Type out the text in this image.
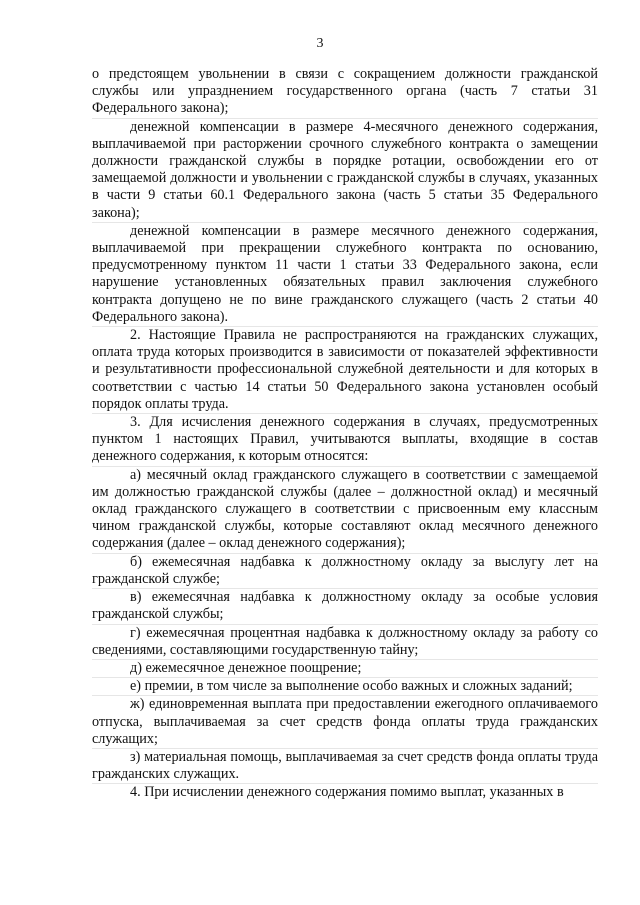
3

о предстоящем увольнении в связи с сокращением должности гражданской службы или упразднением государственного органа (часть 7 статьи 31 Федерального закона);

денежной компенсации в размере 4-месячного денежного содержания, выплачиваемой при расторжении срочного служебного контракта о замещении должности гражданской службы в порядке ротации, освобождении его от замещаемой должности и увольнении с гражданской службы в случаях, указанных в части 9 статьи 60.1 Федерального закона (часть 5 статьи 35 Федерального закона);

денежной компенсации в размере месячного денежного содержания, выплачиваемой при прекращении служебного контракта по основанию, предусмотренному пунктом 11 части 1 статьи 33 Федерального закона, если нарушение установленных обязательных правил заключения служебного контракта допущено не по вине гражданского служащего (часть 2 статьи 40 Федерального закона).

2. Настоящие Правила не распространяются на гражданских служащих, оплата труда которых производится в зависимости от показателей эффективности и результативности профессиональной служебной деятельности и для которых в соответствии с частью 14 статьи 50 Федерального закона установлен особый порядок оплаты труда.

3. Для исчисления денежного содержания в случаях, предусмотренных пунктом 1 настоящих Правил, учитываются выплаты, входящие в состав денежного содержания, к которым относятся:

а) месячный оклад гражданского служащего в соответствии с замещаемой им должностью гражданской службы (далее – должностной оклад) и месячный оклад гражданского служащего в соответствии с присвоенным ему классным чином гражданской службы, которые составляют оклад месячного денежного содержания (далее – оклад денежного содержания);

б) ежемесячная надбавка к должностному окладу за выслугу лет на гражданской службе;

в) ежемесячная надбавка к должностному окладу за особые условия гражданской службы;

г) ежемесячная процентная надбавка к должностному окладу за работу со сведениями, составляющими государственную тайну;

д) ежемесячное денежное поощрение;

е) премии, в том числе за выполнение особо важных и сложных заданий;

ж) единовременная выплата при предоставлении ежегодного оплачиваемого отпуска, выплачиваемая за счет средств фонда оплаты труда гражданских служащих;

з) материальная помощь, выплачиваемая за счет средств фонда оплаты труда гражданских служащих.

4. При исчислении денежного содержания помимо выплат, указанных в
